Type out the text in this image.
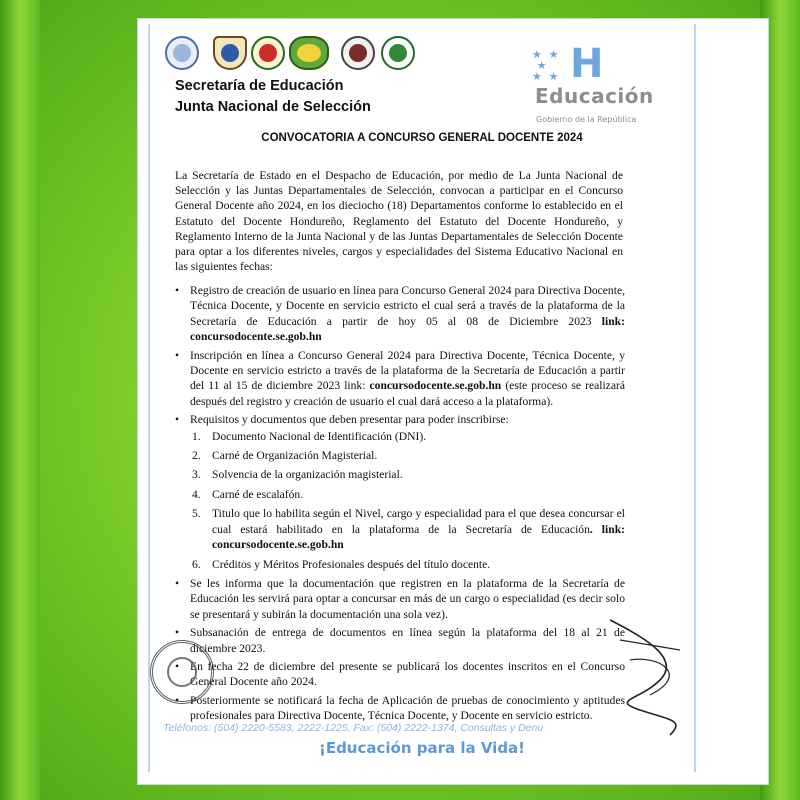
Secretaría de Educación
Junta Nacional de Selección
★ ★
★
★ ★ H
Educación
Gobierno de la República
CONVOCATORIA A CONCURSO GENERAL DOCENTE 2024
La Secretaría de Estado en el Despacho de Educación, por medio de La Junta Nacional de Selección y las Juntas Departamentales de Selección, convocan a participar en el Concurso General Docente año 2024, en los dieciocho (18) Departamentos conforme lo establecido en el Estatuto del Docente Hondureño, Reglamento del Estatuto del Docente Hondureño, y Reglamento Interno de la Junta Nacional y de las Juntas Departamentales de Selección Docente para optar a los diferentes niveles, cargos y especialidades del Sistema Educativo Nacional en las siguientes fechas:
• Registro de creación de usuario en línea para Concurso General 2024 para Directiva Docente, Técnica Docente, y Docente en servicio estricto el cual será a través de la plataforma de la Secretaría de Educación a partir de hoy 05 al 08 de Diciembre 2023 link: concursodocente.se.gob.hn
• Inscripción en línea a Concurso General 2024 para Directiva Docente, Técnica Docente, y Docente en servicio estricto a través de la plataforma de la Secretaría de Educación a partir del 11 al 15 de diciembre 2023 link: concursodocente.se.gob.hn (este proceso se realizará después del registro y creación de usuario el cual dará acceso a la plataforma).
• Requisitos y documentos que deben presentar para poder inscribirse:
1. Documento Nacional de Identificación (DNI).
2. Carné de Organización Magisterial.
3. Solvencia de la organización magisterial.
4. Carné de escalafón.
5. Titulo que lo habilita según el Nivel, cargo y especialidad para el que desea concursar el cual estará habilitado en la plataforma de la Secretaría de Educación. link: concursodocente.se.gob.hn
6. Créditos y Méritos Profesionales después del título docente.
• Se les informa que la documentación que registren en la plataforma de la Secretaría de Educación les servirá para optar a concursar en más de un cargo o especialidad (es decir solo se presentará y subirán la documentación una sola vez).
• Subsanación de entrega de documentos en línea según la plataforma del 18 al 21 de diciembre 2023.
• En fecha 22 de diciembre del presente se publicará los docentes inscritos en el Concurso General Docente año 2024.
• Posteriormente se notificará la fecha de Aplicación de pruebas de conocimiento y aptitudes profesionales para Directiva Docente, Técnica Docente, y Docente en servicio estricto.
Teléfonos: (504) 2220-5583, 2222-1225, Fax: (504) 2222-1374, Consultas y Denu
¡Educación para la Vida!
